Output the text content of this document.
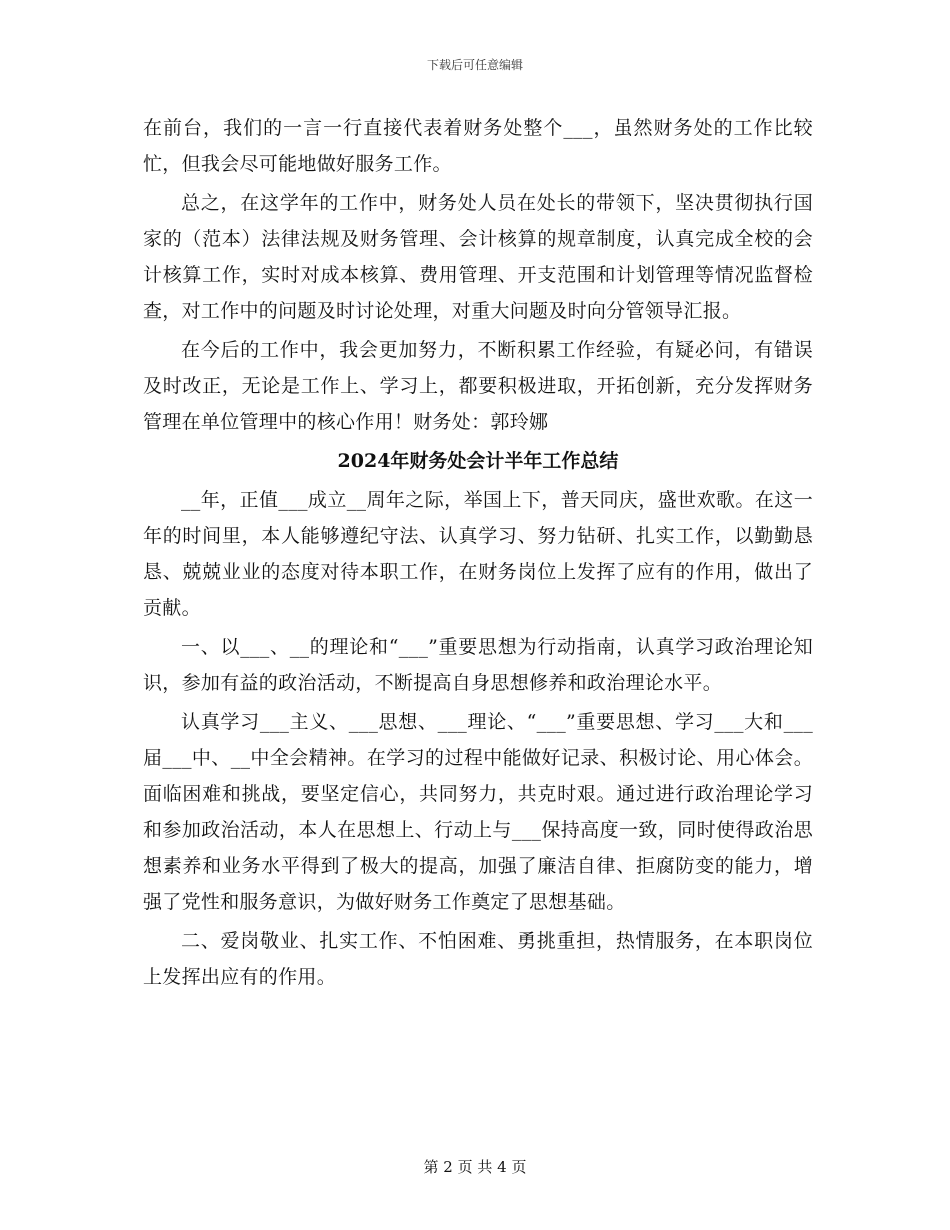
下载后可任意编辑

在前台，我们的一言一行直接代表着财务处整个___，虽然财务处的工作比较忙，但我会尽可能地做好服务工作。

总之，在这学年的工作中，财务处人员在处长的带领下，坚决贯彻执行国家的（范本）法律法规及财务管理、会计核算的规章制度，认真完成全校的会计核算工作，实时对成本核算、费用管理、开支范围和计划管理等情况监督检查，对工作中的问题及时讨论处理，对重大问题及时向分管领导汇报。

在今后的工作中，我会更加努力，不断积累工作经验，有疑必问，有错误及时改正，无论是工作上、学习上，都要积极进取，开拓创新，充分发挥财务管理在单位管理中的核心作用！财务处：郭玲娜

2024年财务处会计半年工作总结

__年，正值___成立__周年之际，举国上下，普天同庆，盛世欢歌。在这一年的时间里，本人能够遵纪守法、认真学习、努力钻研、扎实工作，以勤勤恳恳、兢兢业业的态度对待本职工作，在财务岗位上发挥了应有的作用，做出了贡献。

一、以___、__的理论和“___”重要思想为行动指南，认真学习政治理论知识，参加有益的政治活动，不断提高自身思想修养和政治理论水平。

认真学习___主义、___思想、___理论、“___”重要思想、学习___大和___届___中、__中全会精神。在学习的过程中能做好记录、积极讨论、用心体会。面临困难和挑战，要坚定信心，共同努力，共克时艰。通过进行政治理论学习和参加政治活动，本人在思想上、行动上与___保持高度一致，同时使得政治思想素养和业务水平得到了极大的提高，加强了廉洁自律、拒腐防变的能力，增强了党性和服务意识，为做好财务工作奠定了思想基础。

二、爱岗敬业、扎实工作、不怕困难、勇挑重担，热情服务，在本职岗位上发挥出应有的作用。

第 2 页 共 4 页
